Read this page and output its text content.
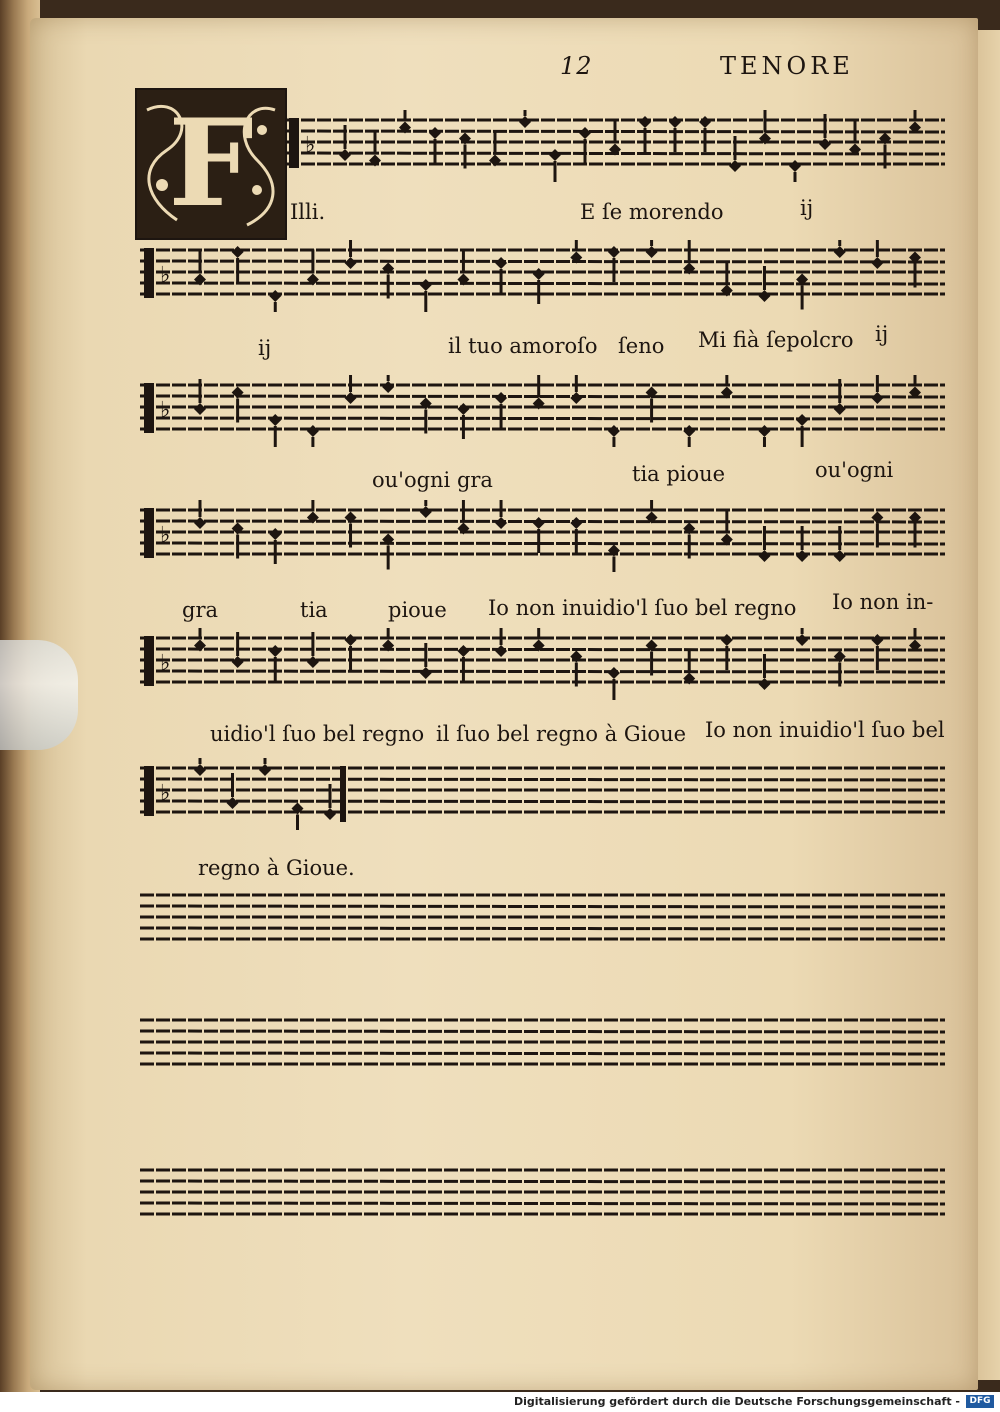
12	TENORE
F	♭
♭
♭
♭
♭
♭
Illi.	E ſe morendo	ij
ij	il tuo amoroſo ſeno Mi fià ſepolcro ij
ou'ogni gra	tia pioue	ou'ogni
gra	tia	pioue Io non inuidio'l ſuo bel regno Io non in-
uidio'l ſuo bel regno il ſuo bel regno à Gioue Io non inuidio'l ſuo bel
regno à Gioue.
Digitalisierung gefördert durch die Deutsche Forschungsgemeinschaft -	DFG
